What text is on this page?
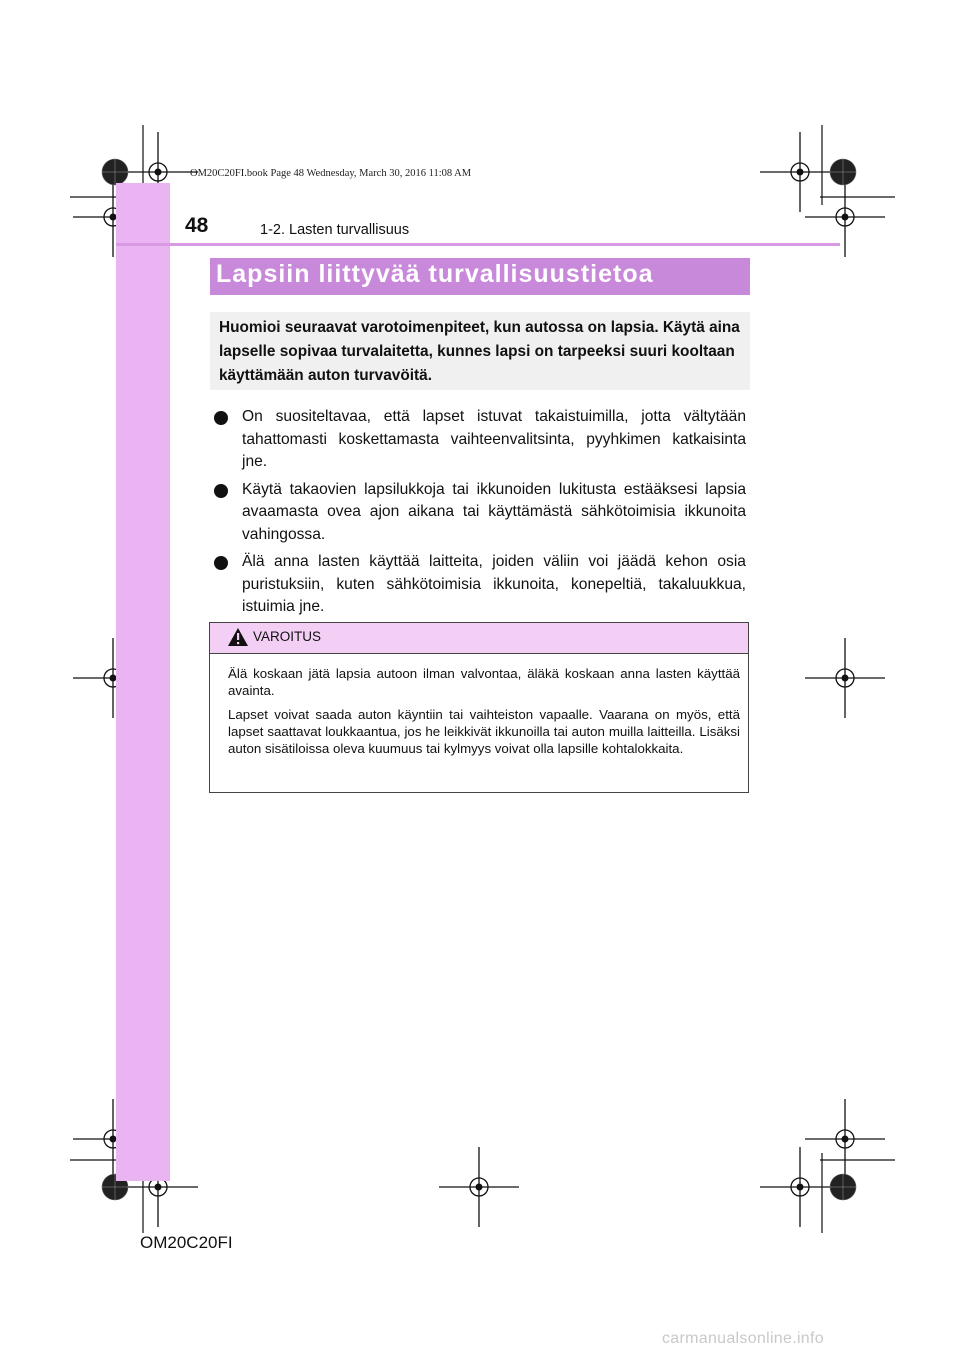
OM20C20FI.book Page 48 Wednesday, March 30, 2016 11:08 AM
48	1-2. Lasten turvallisuus
Lapsiin liittyvää turvallisuustietoa

Huomioi seuraavat varotoimenpiteet, kun autossa on lapsia. Käytä aina lapselle sopivaa turvalaitetta, kunnes lapsi on tarpeeksi suuri kooltaan käyttämään auton turvavöitä.

On suositeltavaa, että lapset istuvat takaistuimilla, jotta vältytään tahattomasti koskettamasta vaihteenvalitsinta, pyyhkimen katkaisinta jne.
Käytä takaovien lapsilukkoja tai ikkunoiden lukitusta estääksesi lapsia avaamasta ovea ajon aikana tai käyttämästä sähkötoimisia ikkunoita vahingossa.
Älä anna lasten käyttää laitteita, joiden väliin voi jäädä kehon osia puristuksiin, kuten sähkötoimisia ikkunoita, konepeltiä, takaluukkua, istuimia jne.
VAROITUS

Älä koskaan jätä lapsia autoon ilman valvontaa, äläkä koskaan anna lasten käyttää avainta.

Lapset voivat saada auton käyntiin tai vaihteiston vapaalle. Vaarana on myös, että lapset saattavat loukkaantua, jos he leikkivät ikkunoilla tai auton muilla laitteilla. Lisäksi auton sisätiloissa oleva kuumuus tai kylmyys voivat olla lapsille kohtalokkaita.

OM20C20FI
carmanualsonline.info
